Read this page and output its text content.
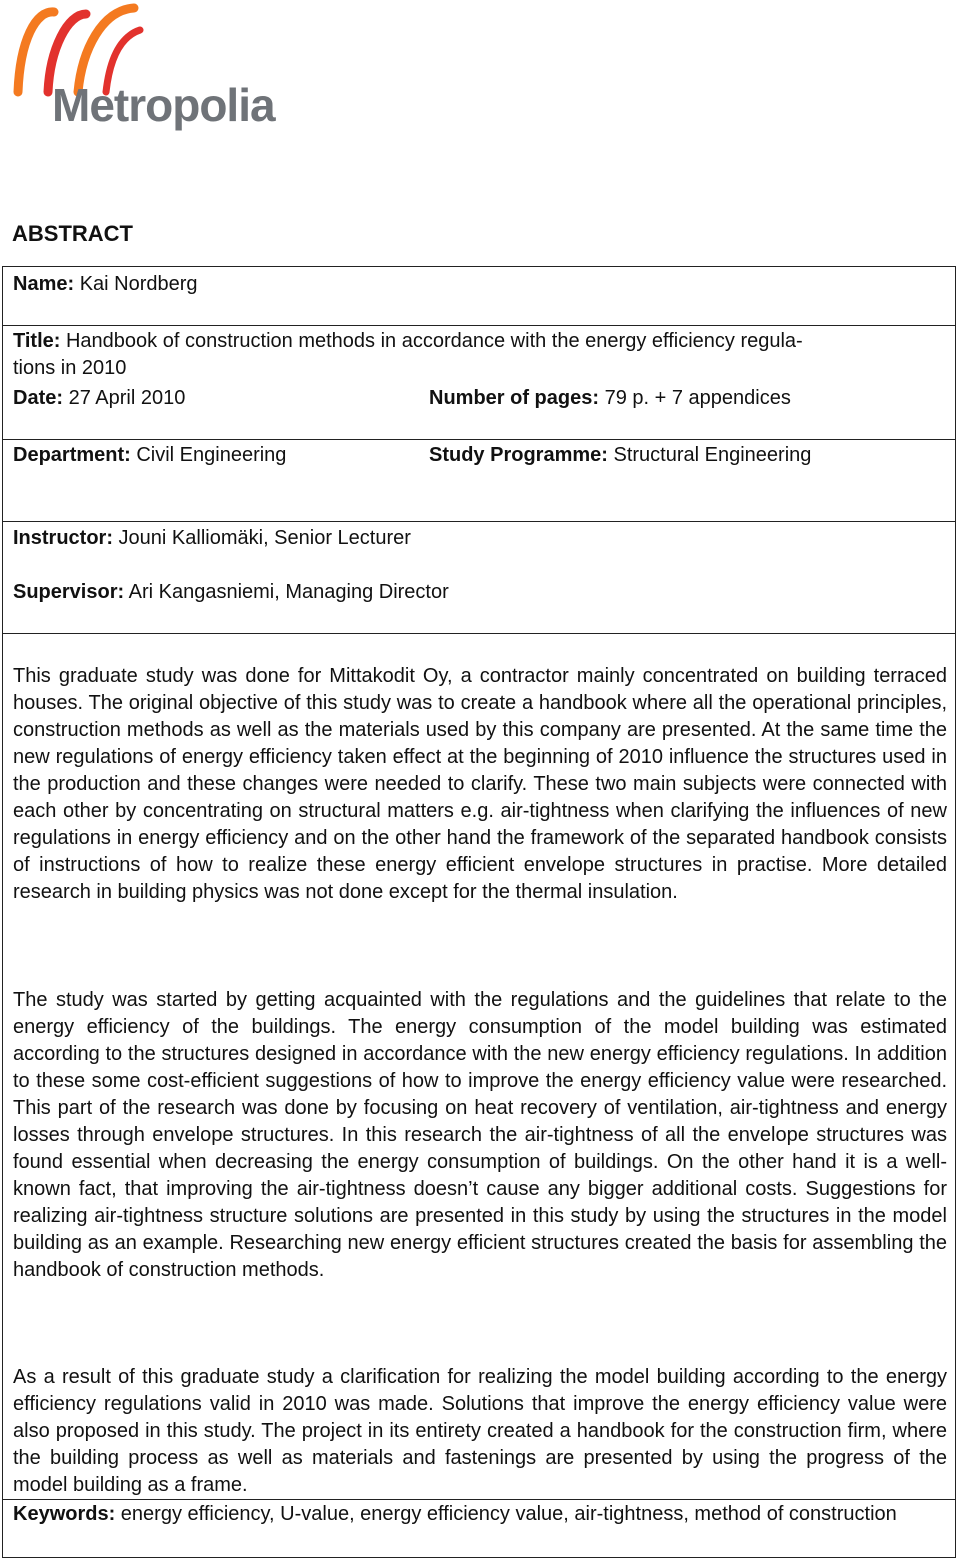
Metropolia
ABSTRACT
Name: Kai Nordberg
Title: Handbook of construction methods in accordance with the energy efficiency regula-
tions in 2010
Date: 27 April 2010	Number of pages: 79 p. + 7 appendices
Department: Civil Engineering	Study Programme: Structural Engineering
Instructor: Jouni Kalliomäki, Senior Lecturer
Supervisor: Ari Kangasniemi, Managing Director
This graduate study was done for Mittakodit Oy, a contractor mainly concentrated on building terraced houses. The original objective of this study was to create a handbook where all the operational principles, construction methods as well as the materials used by this company are presented. At the same time the new regulations of energy efficiency taken effect at the beginning of 2010 influence the structures used in the production and these changes were needed to clarify. These two main subjects were connected with each other by concentrating on structural matters e.g. air-tightness when clarifying the influences of new regulations in energy efficiency and on the other hand the framework of the separated handbook consists of instructions of how to realize these energy efficient envelope structures in practise. More detailed research in building physics was not done except for the thermal insulation.
The study was started by getting acquainted with the regulations and the guidelines that relate to the energy efficiency of the buildings. The energy consumption of the model building was estimated according to the structures designed in accordance with the new energy efficiency regulations. In addition to these some cost-efficient suggestions of how to improve the energy efficiency value were researched. This part of the research was done by focusing on heat recovery of ventilation, air-tightness and energy losses through envelope structures. In this research the air-tightness of all the envelope structures was found essential when decreasing the energy consumption of buildings. On the other hand it is a well-known fact, that improving the air-tightness doesn’t cause any bigger additional costs. Suggestions for realizing air-tightness structure solutions are presented in this study by using the structures in the model building as an example. Researching new energy efficient structures created the basis for assembling the handbook of construction methods.
As a result of this graduate study a clarification for realizing the model building according to the energy efficiency regulations valid in 2010 was made. Solutions that improve the energy efficiency value were also proposed in this study. The project in its entirety created a handbook for the construction firm, where the building process as well as materials and fastenings are presented by using the progress of the model building as a frame.
Keywords: energy efficiency, U-value, energy efficiency value, air-tightness, method of construction
